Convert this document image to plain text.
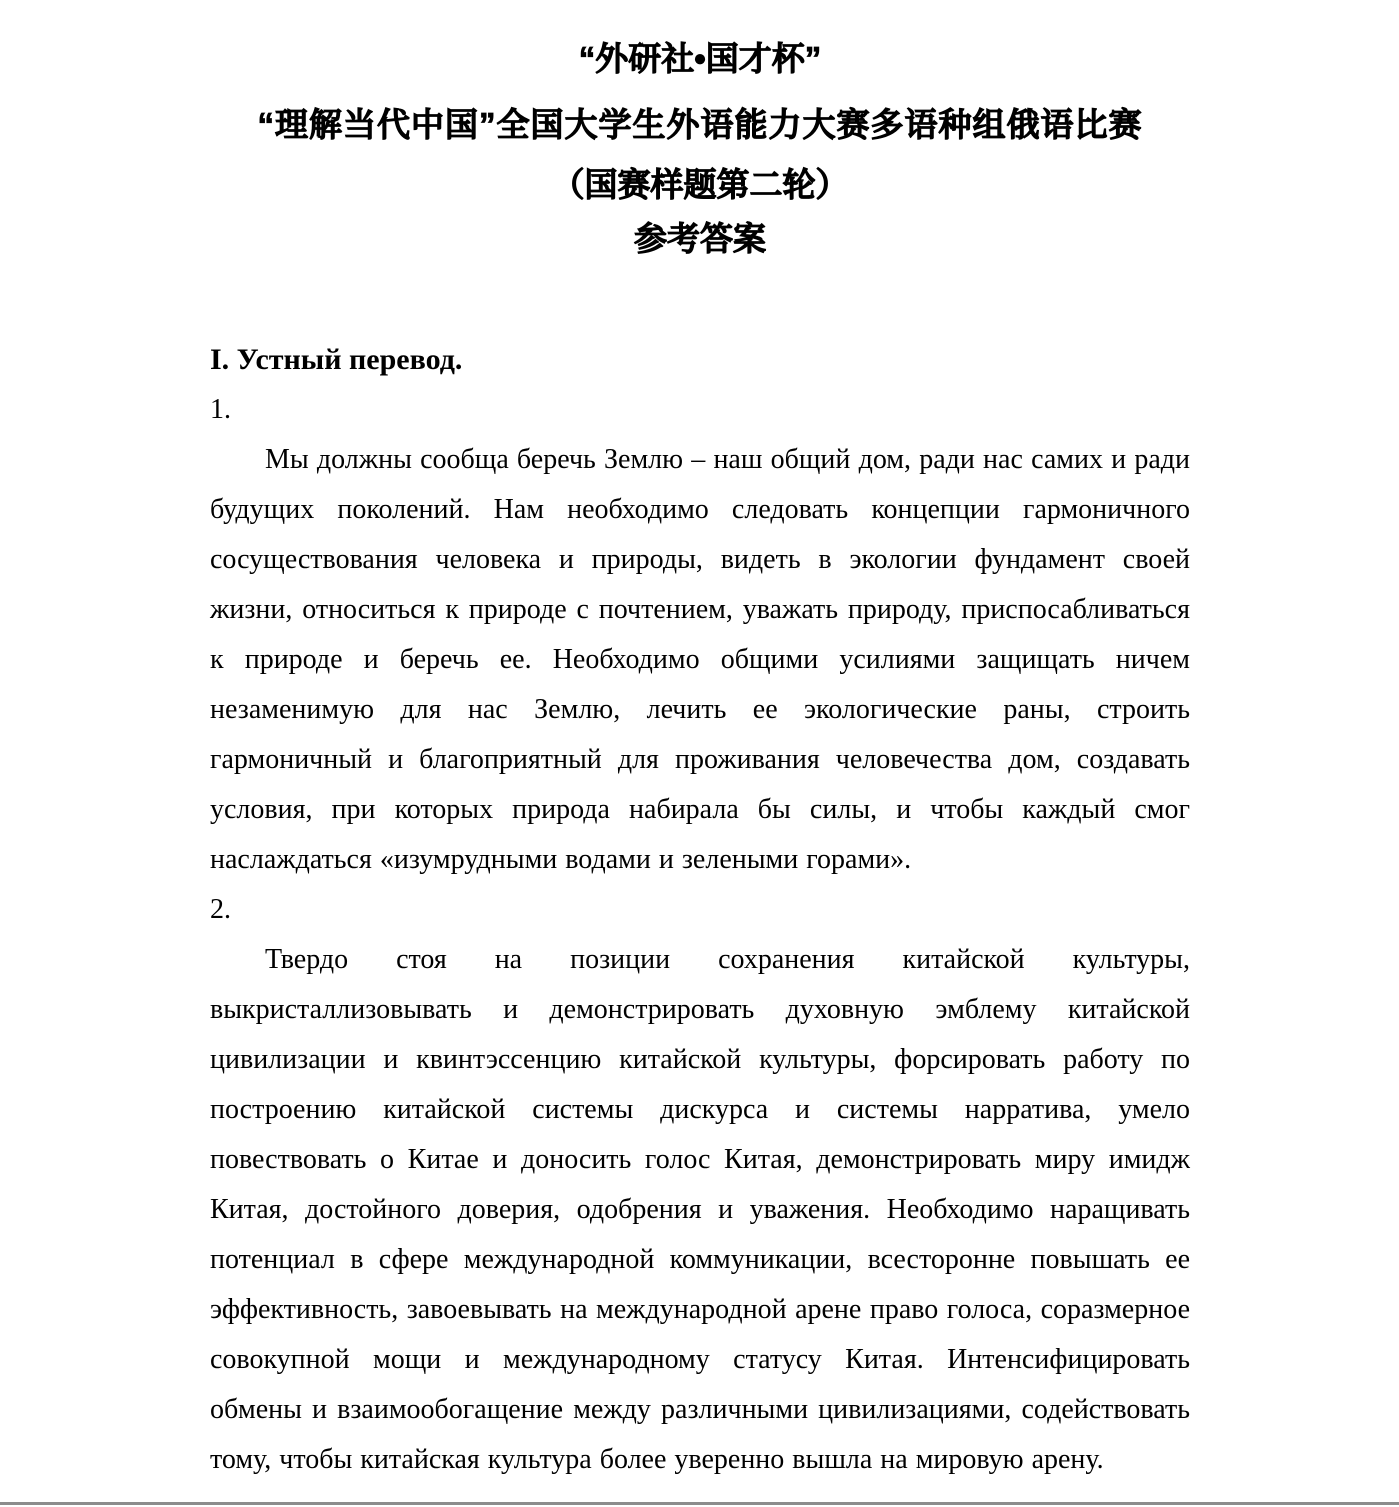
“外研社•国才杯”
“理解当代中国”全国大学生外语能力大赛多语种组俄语比赛
（国赛样题第二轮）
参考答案
I. Устный перевод.
1.

Мы должны сообща беречь Землю – наш общий дом, ради нас самих и ради будущих поколений. Нам необходимо следовать концепции гармоничного сосуществования человека и природы, видеть в экологии фундамент своей жизни, относиться к природе с почтением, уважать природу, приспосабливаться к природе и беречь ее. Необходимо общими усилиями защищать ничем незаменимую для нас Землю, лечить ее экологические раны, строить гармоничный и благоприятный для проживания человечества дом, создавать условия, при которых природа набирала бы силы, и чтобы каждый смог наслаждаться «изумрудными водами и зелеными горами».

2.

Твердо стоя на позиции сохранения китайской культуры, выкристаллизовывать и демонстрировать духовную эмблему китайской цивилизации и квинтэссенцию китайской культуры, форсировать работу по построению китайской системы дискурса и системы нарратива, умело повествовать о Китае и доносить голос Китая, демонстрировать миру имидж Китая, достойного доверия, одобрения и уважения. Необходимо наращивать потенциал в сфере международной коммуникации, всесторонне повышать ее эффективность, завоевывать на международной арене право голоса, соразмерное совокупной мощи и международному статусу Китая. Интенсифицировать обмены и взаимообогащение между различными цивилизациями, содействовать тому, чтобы китайская культура более уверенно вышла на мировую арену.
